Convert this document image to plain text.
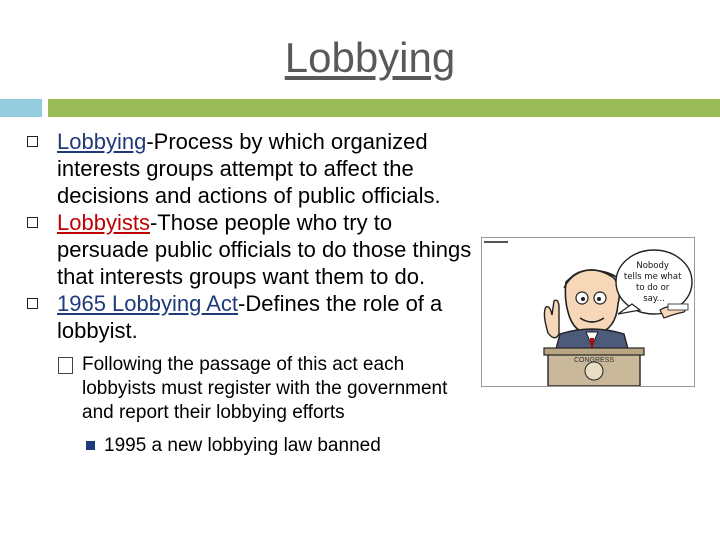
Lobbying

Lobbying-Process by which organized interests groups attempt to affect the decisions and actions of public officials.

Lobbyists-Those people who try to persuade public officials to do those things that interests groups want them to do.

1965 Lobbying Act-Defines the role of a lobbyist.

Following the passage of this act each lobbyists must register with the government and report their lobbying efforts
1995 a new lobbying law banned
CONGRESS
Nobody tells me what to do or say...
